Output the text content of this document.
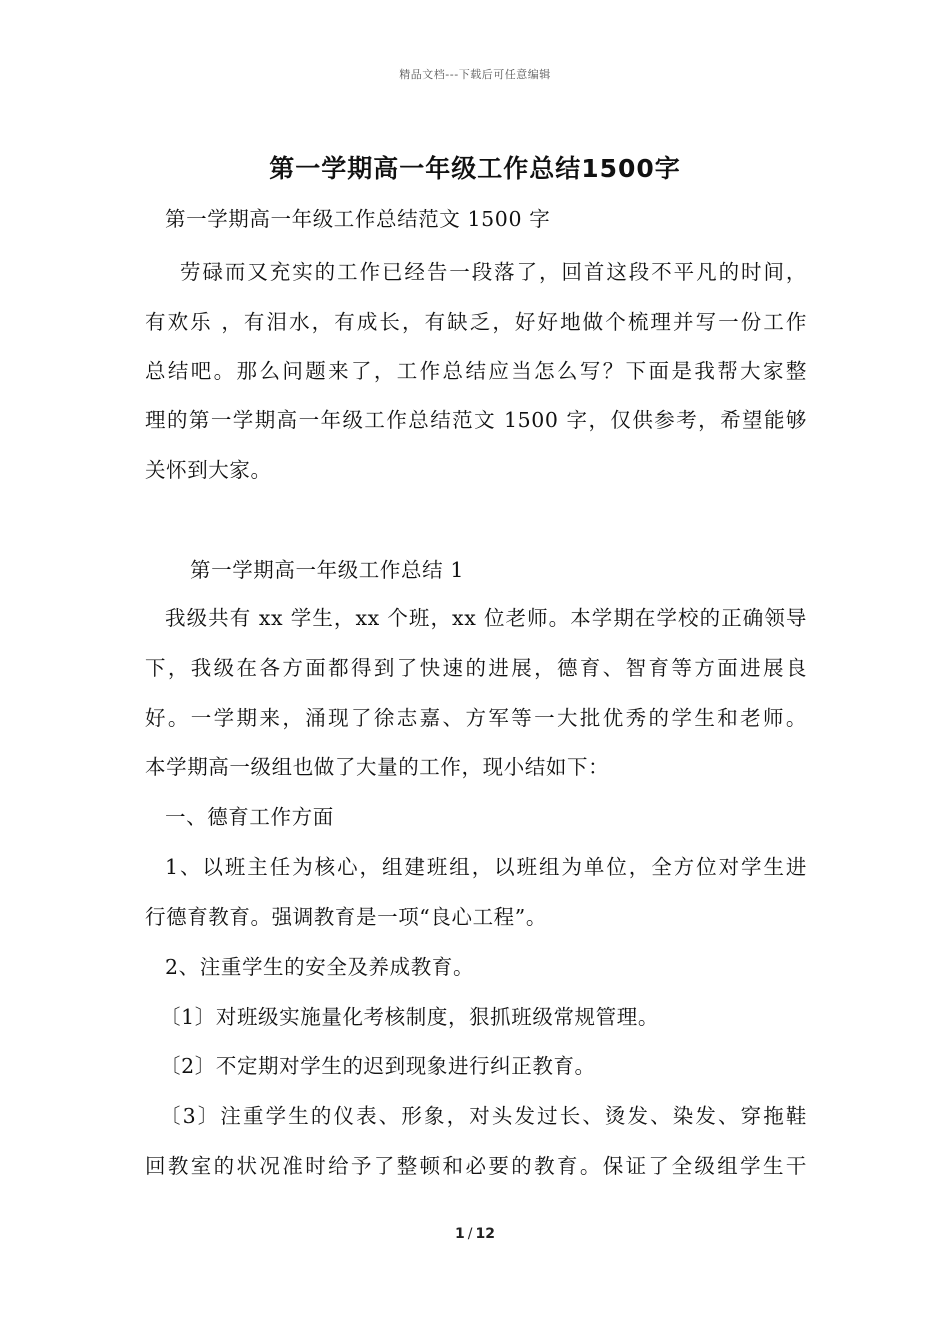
精品文档---下载后可任意编辑
第一学期高一年级工作总结1500字
第一学期高一年级工作总结范文 1500 字
劳碌而又充实的工作已经告一段落了，回首这段不平凡的时间，
有欢乐 ，有泪水，有成长，有缺乏，好好地做个梳理并写一份工作
总结吧。那么问题来了，工作总结应当怎么写？下面是我帮大家整
理的第一学期高一年级工作总结范文 1500 字，仅供参考，希望能够
关怀到大家。
第一学期高一年级工作总结 1
我级共有 xx 学生，xx 个班，xx 位老师。本学期在学校的正确领导
下，我级在各方面都得到了快速的进展，德育、智育等方面进展良
好。一学期来，涌现了徐志嘉、方军等一大批优秀的学生和老师。
本学期高一级组也做了大量的工作，现小结如下：
一、德育工作方面
1、以班主任为核心，组建班组，以班组为单位，全方位对学生进
行德育教育。强调教育是一项“良心工程”。
2、注重学生的安全及养成教育。
〔1〕对班级实施量化考核制度，狠抓班级常规管理。
〔2〕不定期对学生的迟到现象进行纠正教育。
〔3〕注重学生的仪表、形象，对头发过长、烫发、染发、穿拖鞋
回教室的状况准时给予了整顿和必要的教育。保证了全级组学生干
1 / 12
